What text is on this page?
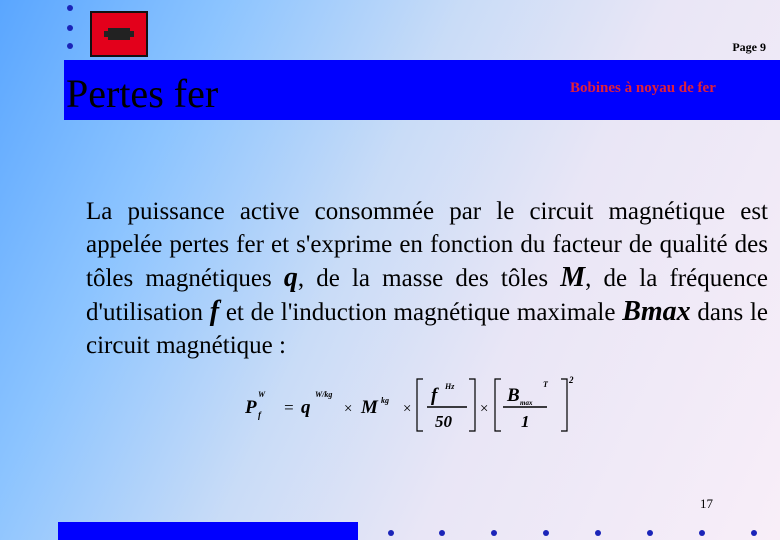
Page 9
Pertes fer	Bobines à noyau de fer
La puissance active consommée par le circuit magnétique est appelée pertes fer et s'exprime en fonction du facteur de qualité des tôles magnétiques q, de la masse des tôles M, de la fréquence d'utilisation f et de l'induction magnétique maximale Bmax dans le circuit magnétique :
P f
W
= q
W/kg
× M kg
×
f Hz
50
×
B max
T
1
2
17
